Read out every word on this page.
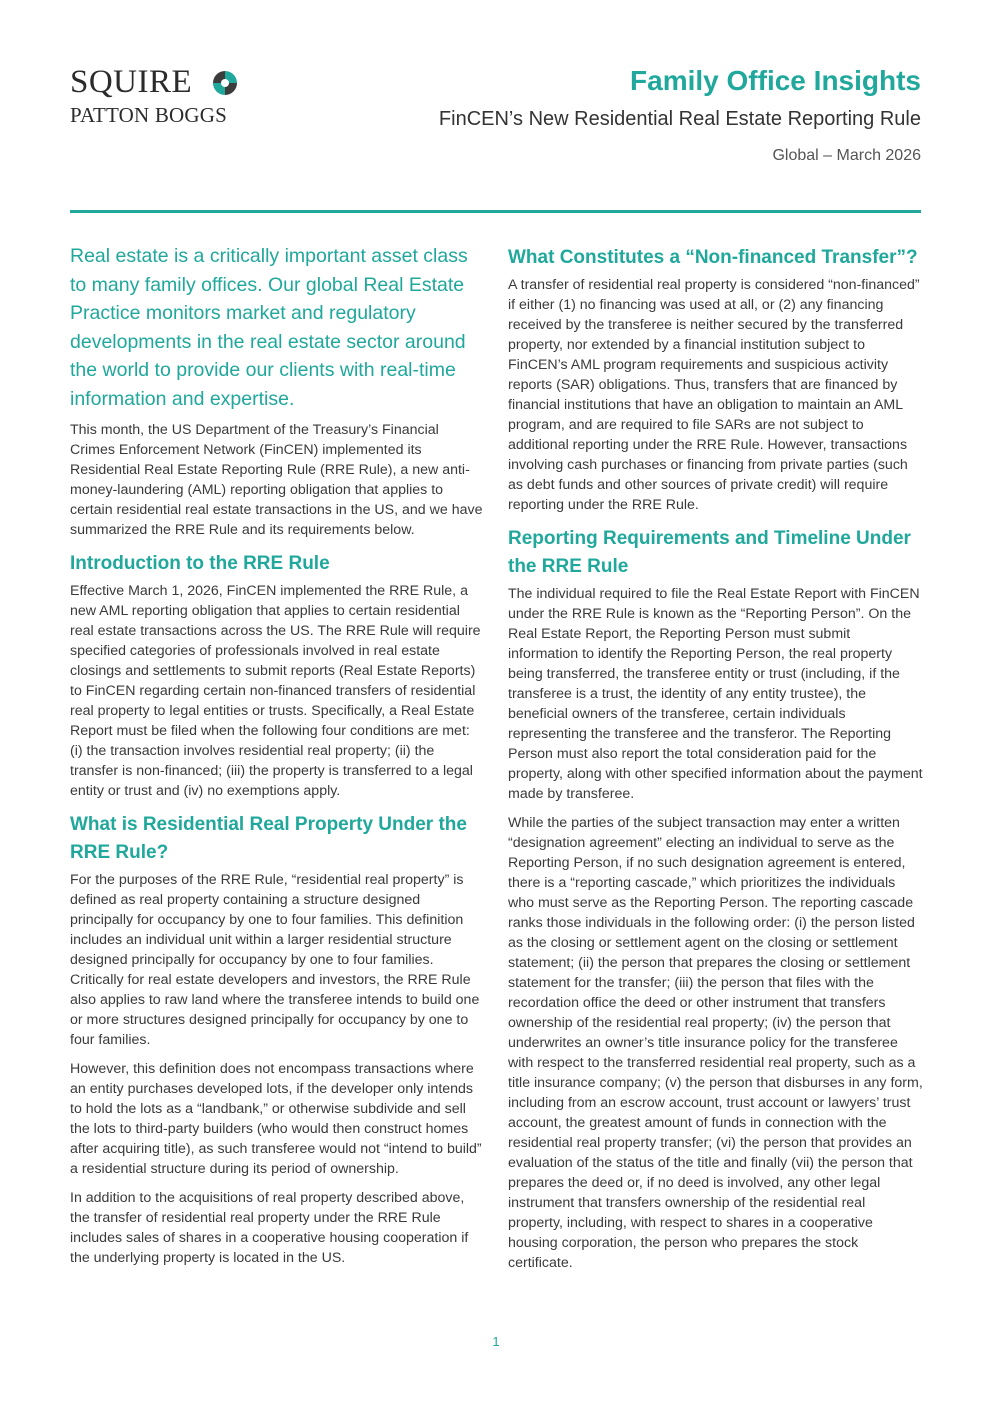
SQUIRE
PATTON BOGGS
Family Office Insights
FinCEN’s New Residential Real Estate Reporting Rule
Global – March 2026

Real estate is a critically important asset class to many family offices. Our global Real Estate Practice monitors market and regulatory developments in the real estate sector around the world to provide our clients with real-time information and expertise.

This month, the US Department of the Treasury’s Financial Crimes Enforcement Network (FinCEN) implemented its Residential Real Estate Reporting Rule (RRE Rule), a new anti-money-laundering (AML) reporting obligation that applies to certain residential real estate transactions in the US, and we have summarized the RRE Rule and its requirements below.

Introduction to the RRE Rule

Effective March 1, 2026, FinCEN implemented the RRE Rule, a new AML reporting obligation that applies to certain residential real estate transactions across the US. The RRE Rule will require specified categories of professionals involved in real estate closings and settlements to submit reports (Real Estate Reports) to FinCEN regarding certain non-financed transfers of residential real property to legal entities or trusts. Specifically, a Real Estate Report must be filed when the following four conditions are met: (i) the transaction involves residential real property; (ii) the transfer is non-financed; (iii) the property is transferred to a legal entity or trust and (iv) no exemptions apply.

What is Residential Real Property Under the RRE Rule?

For the purposes of the RRE Rule, “residential real property” is defined as real property containing a structure designed principally for occupancy by one to four families. This definition includes an individual unit within a larger residential structure designed principally for occupancy by one to four families. Critically for real estate developers and investors, the RRE Rule also applies to raw land where the transferee intends to build one or more structures designed principally for occupancy by one to four families.

However, this definition does not encompass transactions where an entity purchases developed lots, if the developer only intends to hold the lots as a “landbank,” or otherwise subdivide and sell the lots to third-party builders (who would then construct homes after acquiring title), as such transferee would not “intend to build” a residential structure during its period of ownership.

In addition to the acquisitions of real property described above, the transfer of residential real property under the RRE Rule includes sales of shares in a cooperative housing cooperation if the underlying property is located in the US.

What Constitutes a “Non-financed Transfer”?

A transfer of residential real property is considered “non-financed” if either (1) no financing was used at all, or (2) any financing received by the transferee is neither secured by the transferred property, nor extended by a financial institution subject to FinCEN’s AML program requirements and suspicious activity reports (SAR) obligations. Thus, transfers that are financed by financial institutions that have an obligation to maintain an AML program, and are required to file SARs are not subject to additional reporting under the RRE Rule. However, transactions involving cash purchases or financing from private parties (such as debt funds and other sources of private credit) will require reporting under the RRE Rule.

Reporting Requirements and Timeline Under the RRE Rule

The individual required to file the Real Estate Report with FinCEN under the RRE Rule is known as the “Reporting Person”. On the Real Estate Report, the Reporting Person must submit information to identify the Reporting Person, the real property being transferred, the transferee entity or trust (including, if the transferee is a trust, the identity of any entity trustee), the beneficial owners of the transferee, certain individuals representing the transferee and the transferor. The Reporting Person must also report the total consideration paid for the property, along with other specified information about the payment made by transferee.

While the parties of the subject transaction may enter a written “designation agreement” electing an individual to serve as the Reporting Person, if no such designation agreement is entered, there is a “reporting cascade,” which prioritizes the individuals who must serve as the Reporting Person. The reporting cascade ranks those individuals in the following order: (i) the person listed as the closing or settlement agent on the closing or settlement statement; (ii) the person that prepares the closing or settlement statement for the transfer; (iii) the person that files with the recordation office the deed or other instrument that transfers ownership of the residential real property; (iv) the person that underwrites an owner’s title insurance policy for the transferee with respect to the transferred residential real property, such as a title insurance company; (v) the person that disburses in any form, including from an escrow account, trust account or lawyers’ trust account, the greatest amount of funds in connection with the residential real property transfer; (vi) the person that provides an evaluation of the status of the title and finally (vii) the person that prepares the deed or, if no deed is involved, any other legal instrument that transfers ownership of the residential real property, including, with respect to shares in a cooperative housing corporation, the person who prepares the stock certificate.

1
